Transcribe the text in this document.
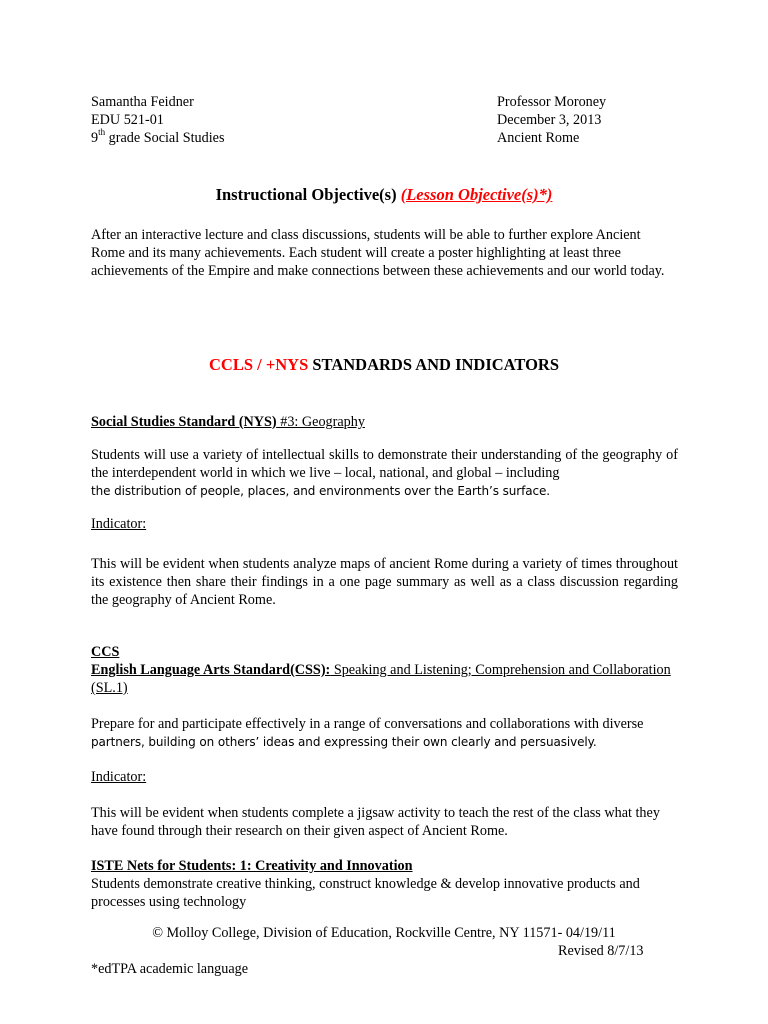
Samantha Feidner
EDU 521-01
9th grade Social Studies
Professor Moroney
December 3, 2013
Ancient Rome
Instructional Objective(s) (Lesson Objective(s)*)
After an interactive lecture and class discussions, students will be able to further explore Ancient Rome and its many achievements. Each student will create a poster highlighting at least three achievements of the Empire and make connections between these achievements and our world today.
CCLS / +NYS STANDARDS AND INDICATORS
Social Studies Standard (NYS) #3: Geography
Students will use a variety of intellectual skills to demonstrate their understanding of the geography of the interdependent world in which we live – local, national, and global – including
the distribution of people, places, and environments over the Earth’s surface.
Indicator:
This will be evident when students analyze maps of ancient Rome during a variety of times throughout its existence then share their findings in a one page summary as well as a class discussion regarding the geography of Ancient Rome.
CCS
English Language Arts Standard(CSS): Speaking and Listening; Comprehension and Collaboration (SL.1)
Prepare for and participate effectively in a range of conversations and collaborations with diverse
partners, building on others’ ideas and expressing their own clearly and persuasively.
Indicator:
This will be evident when students complete a jigsaw activity to teach the rest of the class what they have found through their research on their given aspect of Ancient Rome.
ISTE Nets for Students: 1: Creativity and Innovation
Students demonstrate creative thinking, construct knowledge & develop innovative products and processes using technology
© Molloy College, Division of Education, Rockville Centre, NY 11571- 04/19/11
Revised 8/7/13
*edTPA academic language
